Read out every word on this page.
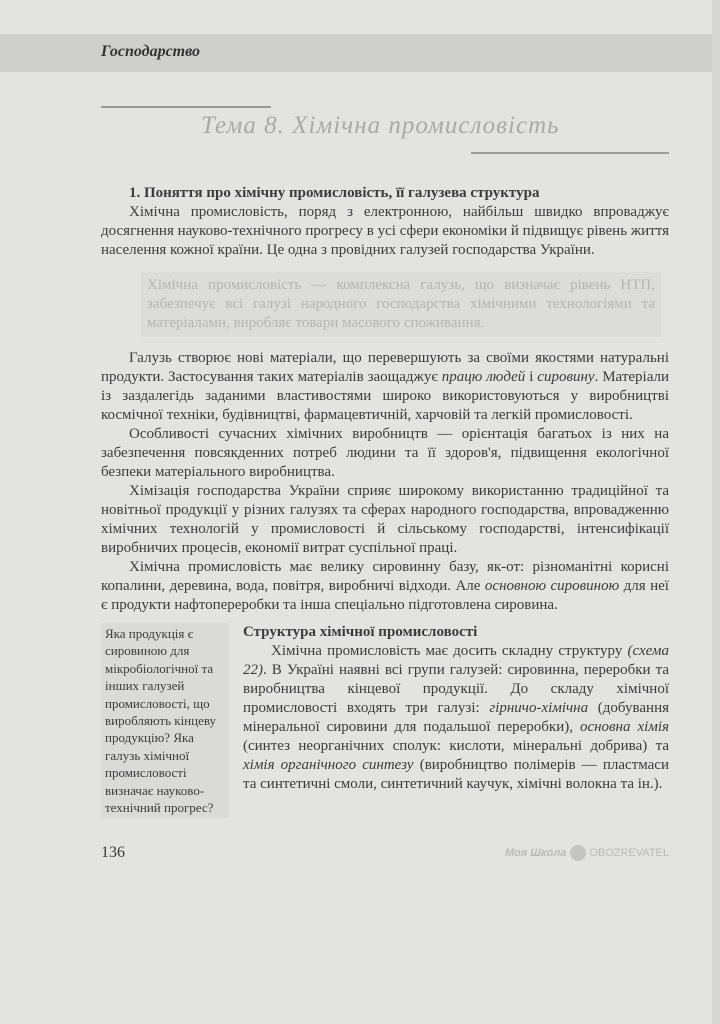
Господарство
Тема 8. Хімічна промисловість
1. Поняття про хімічну промисловість, її галузева структура

Хімічна промисловість, поряд з електронною, найбільш швидко впроваджує досягнення науково-технічного прогресу в усі сфери економіки й підвищує рівень життя населення кожної країни. Це одна з провідних галузей господарства України.

Хімічна промисловість — комплексна галузь, що визначає рівень НТП, забезпечує всі галузі народного господарства хімічними технологіями та матеріалами, виробляє товари масового споживання.

Галузь створює нові матеріали, що перевершують за своїми якостями натуральні продукти. Застосування таких матеріалів заощаджує працю людей і сировину. Матеріали із заздалегідь заданими властивостями широко використовуються у виробництві космічної техніки, будівництві, фармацевтичній, харчовій та легкій промисловості.

Особливості сучасних хімічних виробництв — орієнтація багатьох із них на забезпечення повсякденних потреб людини та її здоров'я, підвищення екологічної безпеки матеріального виробництва.

Хімізація господарства України сприяє широкому використанню традиційної та новітньої продукції у різних галузях та сферах народного господарства, впровадженню хімічних технологій у промисловості й сільському господарстві, інтенсифікації виробничих процесів, економії витрат суспільної праці.

Хімічна промисловість має велику сировинну базу, як-от: різноманітні корисні копалини, деревина, вода, повітря, виробничі відходи. Але основною сировиною для неї є продукти нафтопереробки та інша спеціально підготовлена сировина.

Яка продукція є сировиною для мікробіологічної та інших галузей промисловості, що виробляють кінцеву продукцію? Яка галузь хімічної промисловості визначає науково-технічний прогрес?
Структура хімічної промисловості

Хімічна промисловість має досить складну структуру (схема 22). В Україні наявні всі групи галузей: сировинна, переробки та виробництва кінцевої продукції. До складу хімічної промисловості входять три галузі: гірничо-хімічна (добування мінеральної сировини для подальшої переробки), основна хімія (синтез неорганічних сполук: кислоти, мінеральні добрива) та хімія органічного синтезу (виробництво полімерів — пластмаси та синтетичні смоли, синтетичний каучук, хімічні волокна та ін.).

136	Моя Школа OBOZREVATEL
